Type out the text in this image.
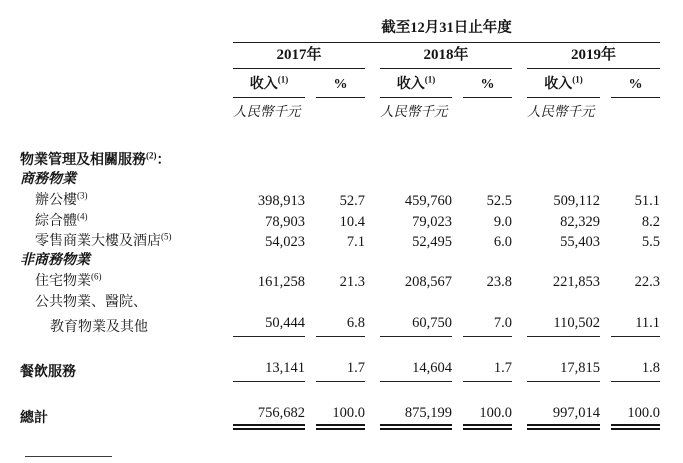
	截至12月31日止年度										
	2017年				2018年				2019年		
	收入$^{(1)}$		%		收入$^{(1)}$		%		收入$^{(1)}$		%
	人民幣千元				人民幣千元				人民幣千元		

物業管理及相關服務$^{(2)}$：											
商務物業											
辦公樓$^{(3)}$	398,913		52.7		459,760		52.5		509,112		51.1
綜合體$^{(4)}$	78,903		10.4		79,023		9.0		82,329		8.2
零售商業大樓及酒店$^{(5)}$	54,023		7.1		52,495		6.0		55,403		5.5
非商務物業											
住宅物業$^{(6)}$	161,258		21.3		208,567		23.8		221,853		22.3
公共物業、醫院、											
教育物業及其他	50,444		6.8		60,750		7.0		110,502		11.1

餐飲服務	13,141		1.7		14,604		1.7		17,815		1.8

總計	756,682		100.0		875,199		100.0		997,014		100.0
